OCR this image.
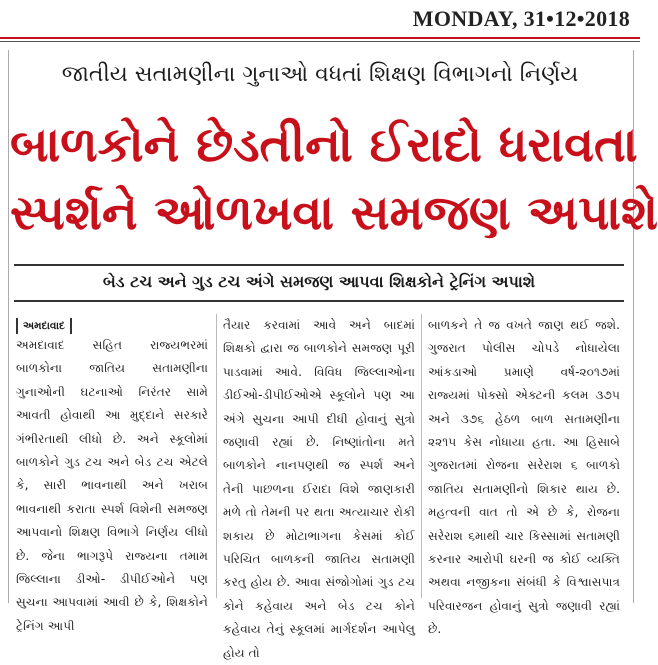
MONDAY, 31•12•2018
જાતીય સતામણીના ગુનાઓ વધતાં શિક્ષણ વિભાગનો નિર્ણય
બાળકોને છેડતીનો ઈરાદો ધરાવતા
સ્પર્શને ઓળખવા સમજણ અપાશે
બેડ ટચ અને ગુડ ટચ અંગે સમજણ આપવા શિક્ષકોને ટ્રેનિંગ અપાશે
અમદાવાદ
અમદાવાદ સહિત રાજ્યભરમાં બાળકોના જાતિય સતામણીના ગુનાઓની ઘટનાઓ નિરંતર સામે આવતી હોવાથી આ મુદ્દાને સરકારે ગંભીરતાથી લીધો છે. અને સ્કૂલોમાં બાળકોને ગુડ ટચ અને બેડ ટચ એટલે કે, સારી ભાવનાથી અને ખરાબ ભાવનાથી કરાતા સ્પર્શ વિશેની સમજણ આપવાનો શિક્ષણ વિભાગે નિર્ણય લીધો છે. જેના ભાગરૂપે રાજ્યના તમામ જિલ્લાના ડીઓ- ડીપીઈઓને પણ સુચના આપવામાં આવી છે કે, શિક્ષકોને ટ્રેનિંગ આપી
તૈયાર કરવામાં આવે અને બાદમાં શિક્ષકો દ્વારા જ બાળકોને સમજણ પૂરી પાડવામાં આવે. વિવિધ જિલ્લાઓના ડીઈઓ-ડીપીઈઓએ સ્કૂલોને પણ આ અંગે સુચના આપી દીધી હોવાનું સુત્રો જણાવી રહ્યાં છે. નિષ્ણાંતોના મતે બાળકોને નાનપણથી જ સ્પર્શ અને તેની પાછળના ઈરાદા વિશે જાણકારી મળે તો તેમની પર થતા અત્યાચાર રોકી શકાય છે મોટાભાગના કેસમાં કોઈ પરિચિત બાળકની જાતિય સતામણી કરતુ હોય છે. આવા સંજોગોમાં ગુડ ટચ કોને કહેવાય અને બેડ ટચ કોને કહેવાય તેનું સ્કૂલમાં માર્ગદર્શન આપેલુ હોય તો
બાળકને તે જ વખતે જાણ થઈ જશે. ગુજરાત પોલીસ ચોપડે નોધાયેલા આંકડાઓ પ્રમાણે વર્ષ-૨૦૧૭માં રાજ્યમાં પોક્સો એક્ટની કલમ ૩૭૫ અને ૩૭૬ હેઠળ બાળ સતામણીના ૨૨૧૫ કેસ નોધાયા હતા. આ હિસાબે ગુજરાતમાં રોજના સરેરાશ ૬ બાળકો જાતિય સતામણીનો શિકાર થાય છે. મહત્વની વાત તો એ છે કે, રોજના સરેરાશ ૬માથી ચાર કિસ્સામાં સતામણી કરનાર આરોપી ઘરની જ કોઈ વ્યક્તિ અથવા નજીકના સંબંધી કે વિશ્વાસપાત્ર પરિવારજન હોવાનું સુત્રો જણાવી રહ્યાં છે.
